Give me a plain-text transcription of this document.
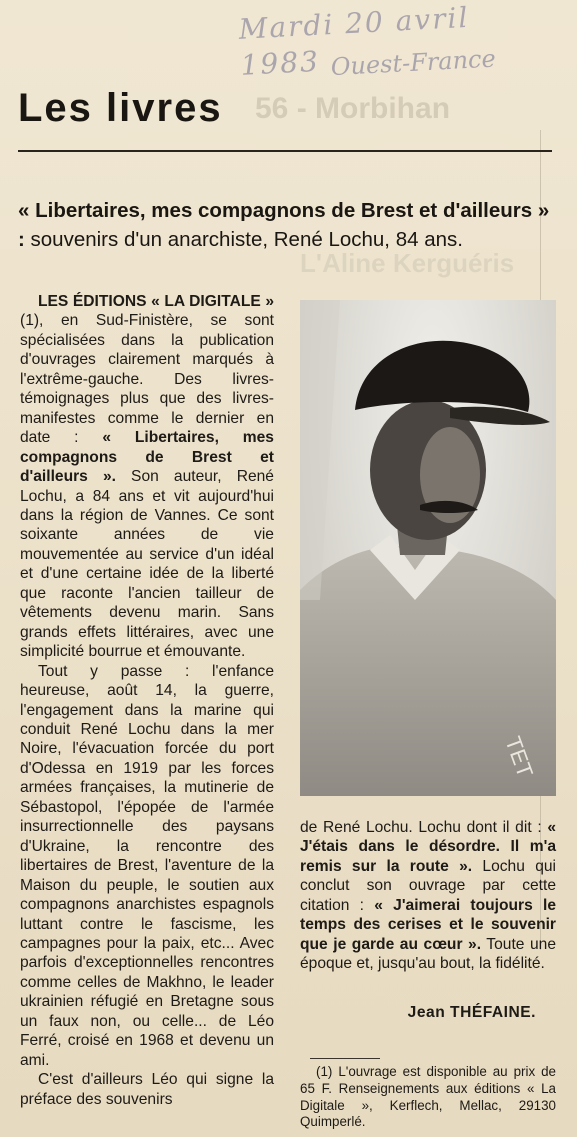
Mardi 20 avril 1983 Ouest-France
56 - Morbihan
L'Aline Kerguéris
Les livres
« Libertaires, mes compagnons de Brest et d'ailleurs » : souvenirs d'un anarchiste, René Lochu, 84 ans.

LES ÉDITIONS « LA DIGITALE » (1), en Sud-Finistère, se sont spécialisées dans la publication d'ouvrages clairement marqués à l'extrême-gauche. Des livres-témoignages plus que des livres-manifestes comme le dernier en date : « Libertaires, mes compagnons de Brest et d'ailleurs ». Son auteur, René Lochu, a 84 ans et vit aujourd'hui dans la région de Vannes. Ce sont soixante années de vie mouvementée au service d'un idéal et d'une certaine idée de la liberté que raconte l'ancien tailleur de vêtements devenu marin. Sans grands effets littéraires, avec une simplicité bourrue et émouvante.

Tout y passe : l'enfance heureuse, août 14, la guerre, l'engagement dans la marine qui conduit René Lochu dans la mer Noire, l'évacuation forcée du port d'Odessa en 1919 par les forces armées françaises, la mutinerie de Sébastopol, l'épopée de l'armée insurrectionnelle des paysans d'Ukraine, la rencontre des libertaires de Brest, l'aventure de la Maison du peuple, le soutien aux compagnons anarchistes espagnols luttant contre le fascisme, les campagnes pour la paix, etc... Avec parfois d'exceptionnelles rencontres comme celles de Makhno, le leader ukrainien réfugié en Bretagne sous un faux non, ou celle... de Léo Ferré, croisé en 1968 et devenu un ami.

C'est d'ailleurs Léo qui signe la préface des souvenirs

TET

de René Lochu. Lochu dont il dit : « J'étais dans le désordre. Il m'a remis sur la route ». Lochu qui conclut son ouvrage par cette citation : « J'aimerai toujours le temps des cerises et le souvenir que je garde au cœur ». Toute une époque et, jusqu'au bout, la fidélité.

Jean THÉFAINE.
(1) L'ouvrage est disponible au prix de 65 F. Renseignements aux éditions « La Digitale », Kerflech, Mellac, 29130 Quimperlé.
